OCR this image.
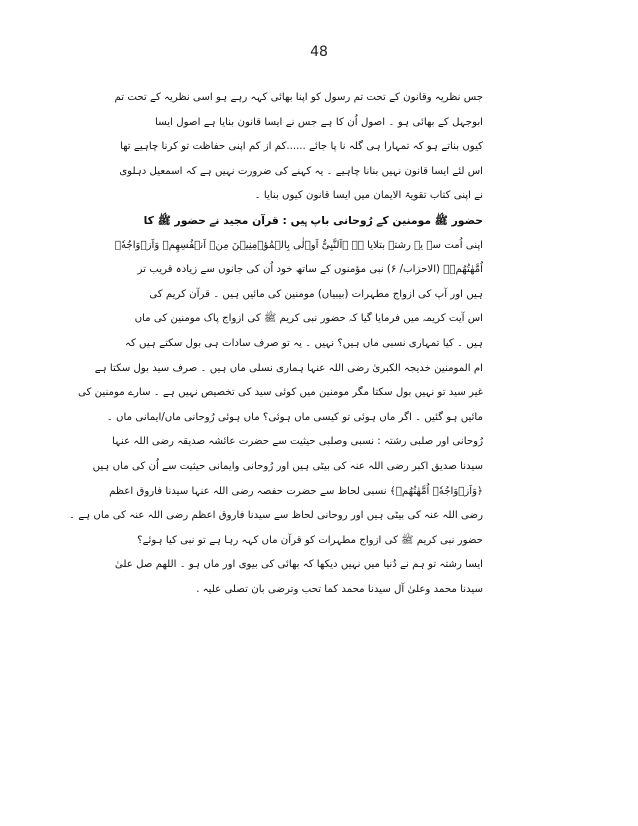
48
جس نظریہ وقانون کے تحت تم رسول کو اپنا بھائی کہہ رہے ہو اسی نظریہ کے تحت تم
ابوجہل کے بھائی ہو ۔ اصول اُن کا ہے جس نے ایسا قانون بنایا ہے اصول ایسا
کیوں بناتے ہو کہ تمہارا ہی گلہ نا پا جائے ......کم از کم اپنی حفاظت تو کرنا چاہیے تھا
اس لئے ایسا قانون نہیں بنانا چاہیے ۔ یہ کہنے کی ضرورت نہیں ہے کہ اسمعیل دہلوی
نے اپنی کتاب تقویۃ الایمان میں ایسا قانون کیوں بنایا ۔
حضور ﷺ مومنین کے رُوحانی باپ ہیں : قرآن مجید نے حضور ﷺ کا
اپنی اُمت سے یہ رشتہ بتلایا ہے ﴿اَلنَّبِیُّ اَوۡلٰی بِالۡمُؤۡمِنِیۡنَ مِنۡ اَنۡفُسِهِمۡ وَاَزۡوَاجُهٗۤ
اُمَّهٰتُهُمۡ﴾ (الاحزاب/ ۶) نبی مؤمنوں کے ساتھ خود اُن کی جانوں سے زیادہ قریب تر
ہیں اور آپ کی ازواج مطہرات (بیبیاں) مومنین کی مائیں ہیں ۔ قرآن کریم کی
اس آیت کریمہ میں فرمایا گیا کہ حضور نبی کریم ﷺ کی ازواج پاک مومنین کی ماں
ہیں ۔ کیا تمہاری نسبی ماں ہیں؟ نہیں ۔ یہ تو صرف سادات ہی بول سکتے ہیں کہ
ام المومنین خدیجہ الکبریٰ رضی اللہ عنہا ہماری نسلی ماں ہیں ۔ صرف سید بول سکتا ہے
غیر سید تو نہیں بول سکتا مگر مومنین میں کوئی سید کی تخصیص نہیں ہے ۔ سارے مومنین کی
مائیں ہو گئیں ۔ اگر ماں ہوئی تو کیسی ماں ہوئی؟ ماں ہوئی رُوحانی ماں/ایمانی ماں ۔
رُوحانی اور صلبی رشتہ : نسبی وصلبی حیثیت سے حضرت عائشہ صدیقہ رضی اللہ عنہا
سیدنا صدیق اکبر رضی اللہ عنہ کی بیٹی ہیں اور رُوحانی وایمانی حیثیت سے اُن کی ماں ہیں
﴿وَاَزۡوَاجُهٗۤ اُمَّهٰتُهُمۡ﴾ نسبی لحاظ سے حضرت حفصہ رضی اللہ عنہا سیدنا فاروق اعظم
رضی اللہ عنہ کی بیٹی ہیں اور روحانی لحاظ سے سیدنا فاروق اعظم رضی اللہ عنہ کی ماں ہے ۔
حضور نبی کریم ﷺ کی ازواج مطہرات کو قرآن ماں کہہ رہا ہے تو نبی کیا ہوئے؟
ایسا رشتہ تو ہم نے دُنیا میں نہیں دیکھا کہ بھائی کی بیوی اور ماں ہو ۔ اللھم صل علیٰ
سیدنا محمد وعلیٰ آل سیدنا محمد کما تحب وترضی بان تصلی علیہ .
